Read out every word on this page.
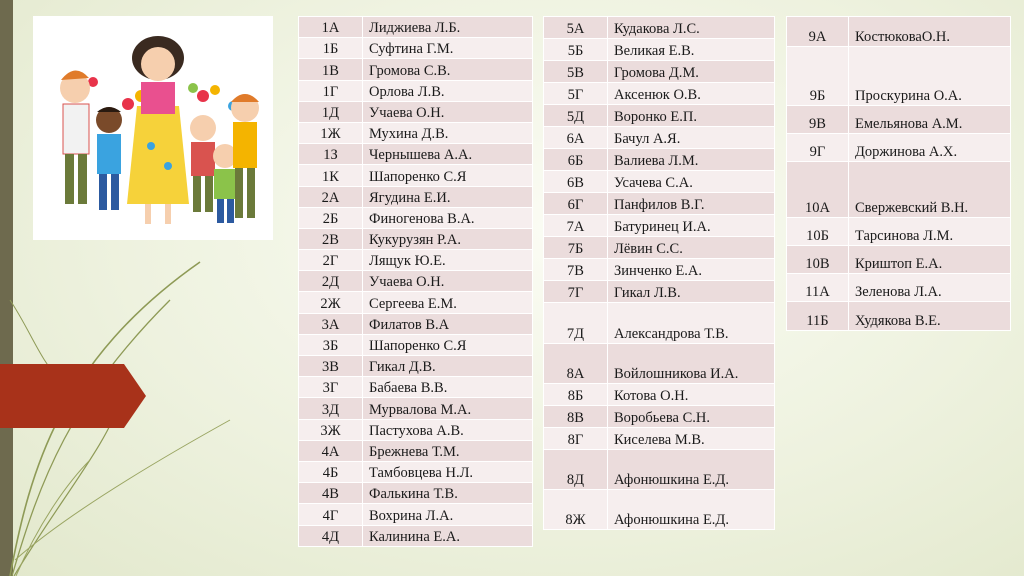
1А	Лиджиева Л.Б.
1Б	Суфтина Г.М.
1В	Громова С.В.
1Г	Орлова Л.В.
1Д	Учаева О.Н.
1Ж	Мухина Д.В.
1З	Чернышева А.А.
1К	Шапоренко С.Я
2А	Ягудина Е.И.
2Б	Финогенова В.А.
2В	Кукурузян Р.А.
2Г	Лящук Ю.Е.
2Д	Учаева О.Н.
2Ж	Сергеева Е.М.
3А	Филатов В.А
3Б	Шапоренко С.Я
3В	Гикал Д.В.
3Г	Бабаева В.В.
3Д	Мурвалова М.А.
3Ж	Пастухова А.В.
4А	Брежнева Т.М.
4Б	Тамбовцева Н.Л.
4В	Фалькина Т.В.
4Г	Вохрина Л.А.
4Д	Калинина Е.А.
5А	Кудакова Л.С.
5Б	Великая Е.В.
5В	Громова Д.М.
5Г	Аксенюк О.В.
5Д	Воронко Е.П.
6А	Бачул А.Я.
6Б	Валиева Л.М.
6В	Усачева С.А.
6Г	Панфилов В.Г.
7А	Батуринец И.А.
7Б	Лёвин С.С.
7В	Зинченко Е.А.
7Г	Гикал Л.В.
7Д	Александрова Т.В.
8А	Войлошникова И.А.
8Б	Котова О.Н.
8В	Воробьева С.Н.
8Г	Киселева М.В.
8Д	Афонюшкина Е.Д.
8Ж	Афонюшкина Е.Д.
9А	КостюковаО.Н.
9Б	Проскурина О.А.
9В	Емельянова А.М.
9Г	Доржинова А.Х.
10А	Свержевский В.Н.
10Б	Тарсинова Л.М.
10В	Криштоп Е.А.
11А	Зеленова Л.А.
11Б	Худякова В.Е.
